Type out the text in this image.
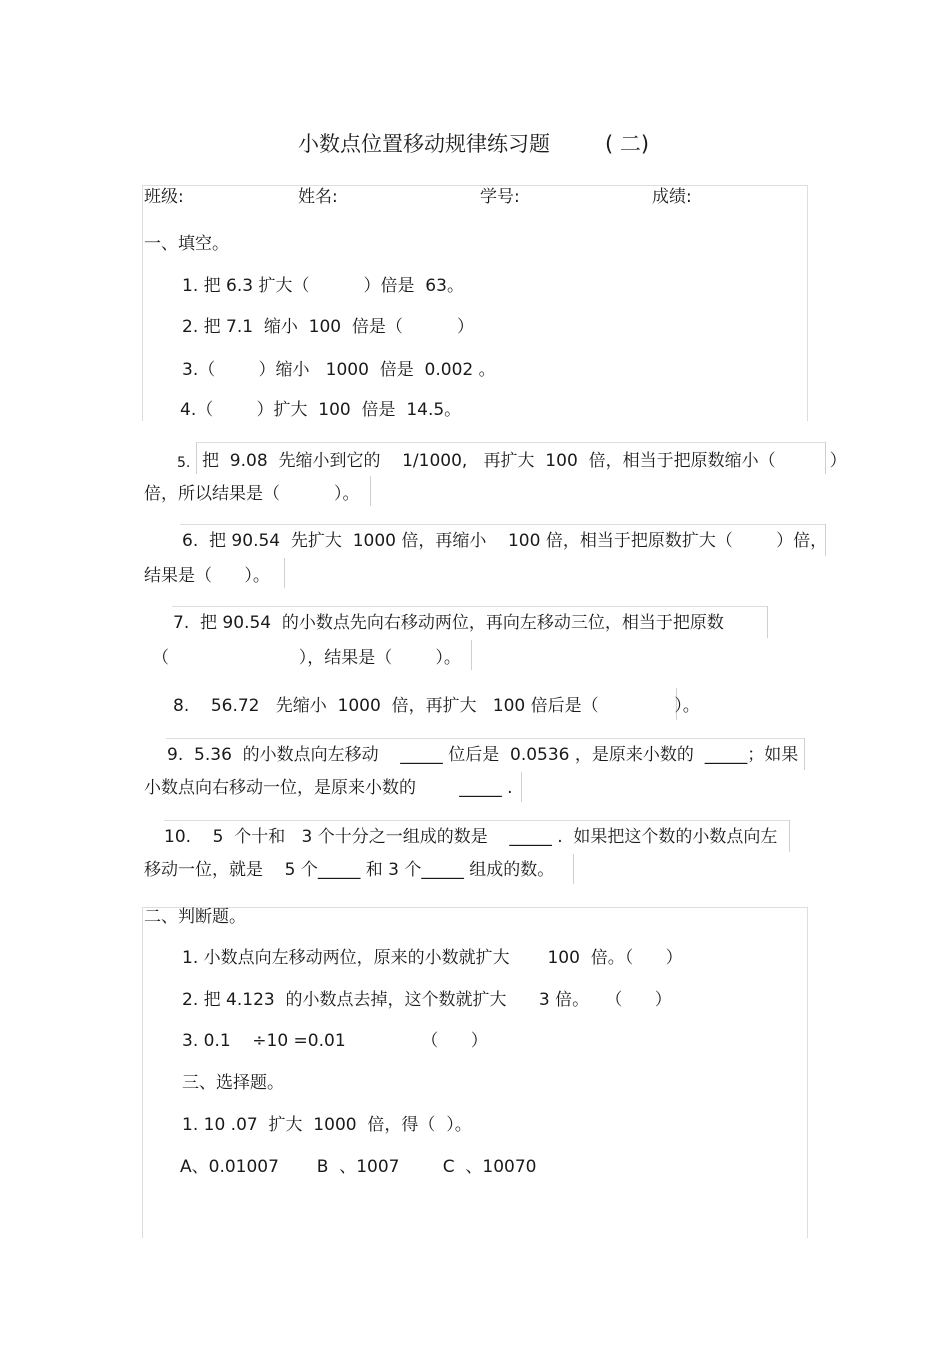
小数点位置移动规律练习题	( 二)
班级:	姓名:	学号:	成绩:
一、填空。
1. 把 6.3 扩大（          ）倍是  63。
2. 把 7.1  缩小  100  倍是（          ）
3.（        ）缩小   1000  倍是  0.002 。
4.（        ）扩大  100  倍是  14.5。
5. 把  9.08  先缩小到它的    1/1000,   再扩大  100  倍，相当于把原数缩小（          ）
倍，所以结果是（          ）。
6.  把 90.54  先扩大  1000 倍，再缩小    100 倍，相当于把原数扩大（        ）倍，
结果是（      ）。
7.  把 90.54  的小数点先向右移动两位，再向左移动三位，相当于把原数
（                        ），结果是（        ）。
8.    56.72   先缩小  1000  倍，再扩大   100 倍后是（              ）。
9.  5.36  的小数点向左移动    _____ 位后是  0.0536 ，是原来小数的  _____；如果
小数点向右移动一位，是原来小数的        _____ .
10.    5  个十和   3 个十分之一组成的数是    _____ .  如果把这个数的小数点向左
移动一位，就是    5 个_____ 和 3 个_____ 组成的数。
二、判断题。
1. 小数点向左移动两位，原来的小数就扩大       100  倍。（      ）
2. 把 4.123  的小数点去掉，这个数就扩大      3 倍。   （      ）
3. 0.1    ÷10 =0.01              （      ）
三、选择题。
1. 10 .07  扩大  1000  倍，得（  ）。
A、0.01007       B  、1007        C  、10070
